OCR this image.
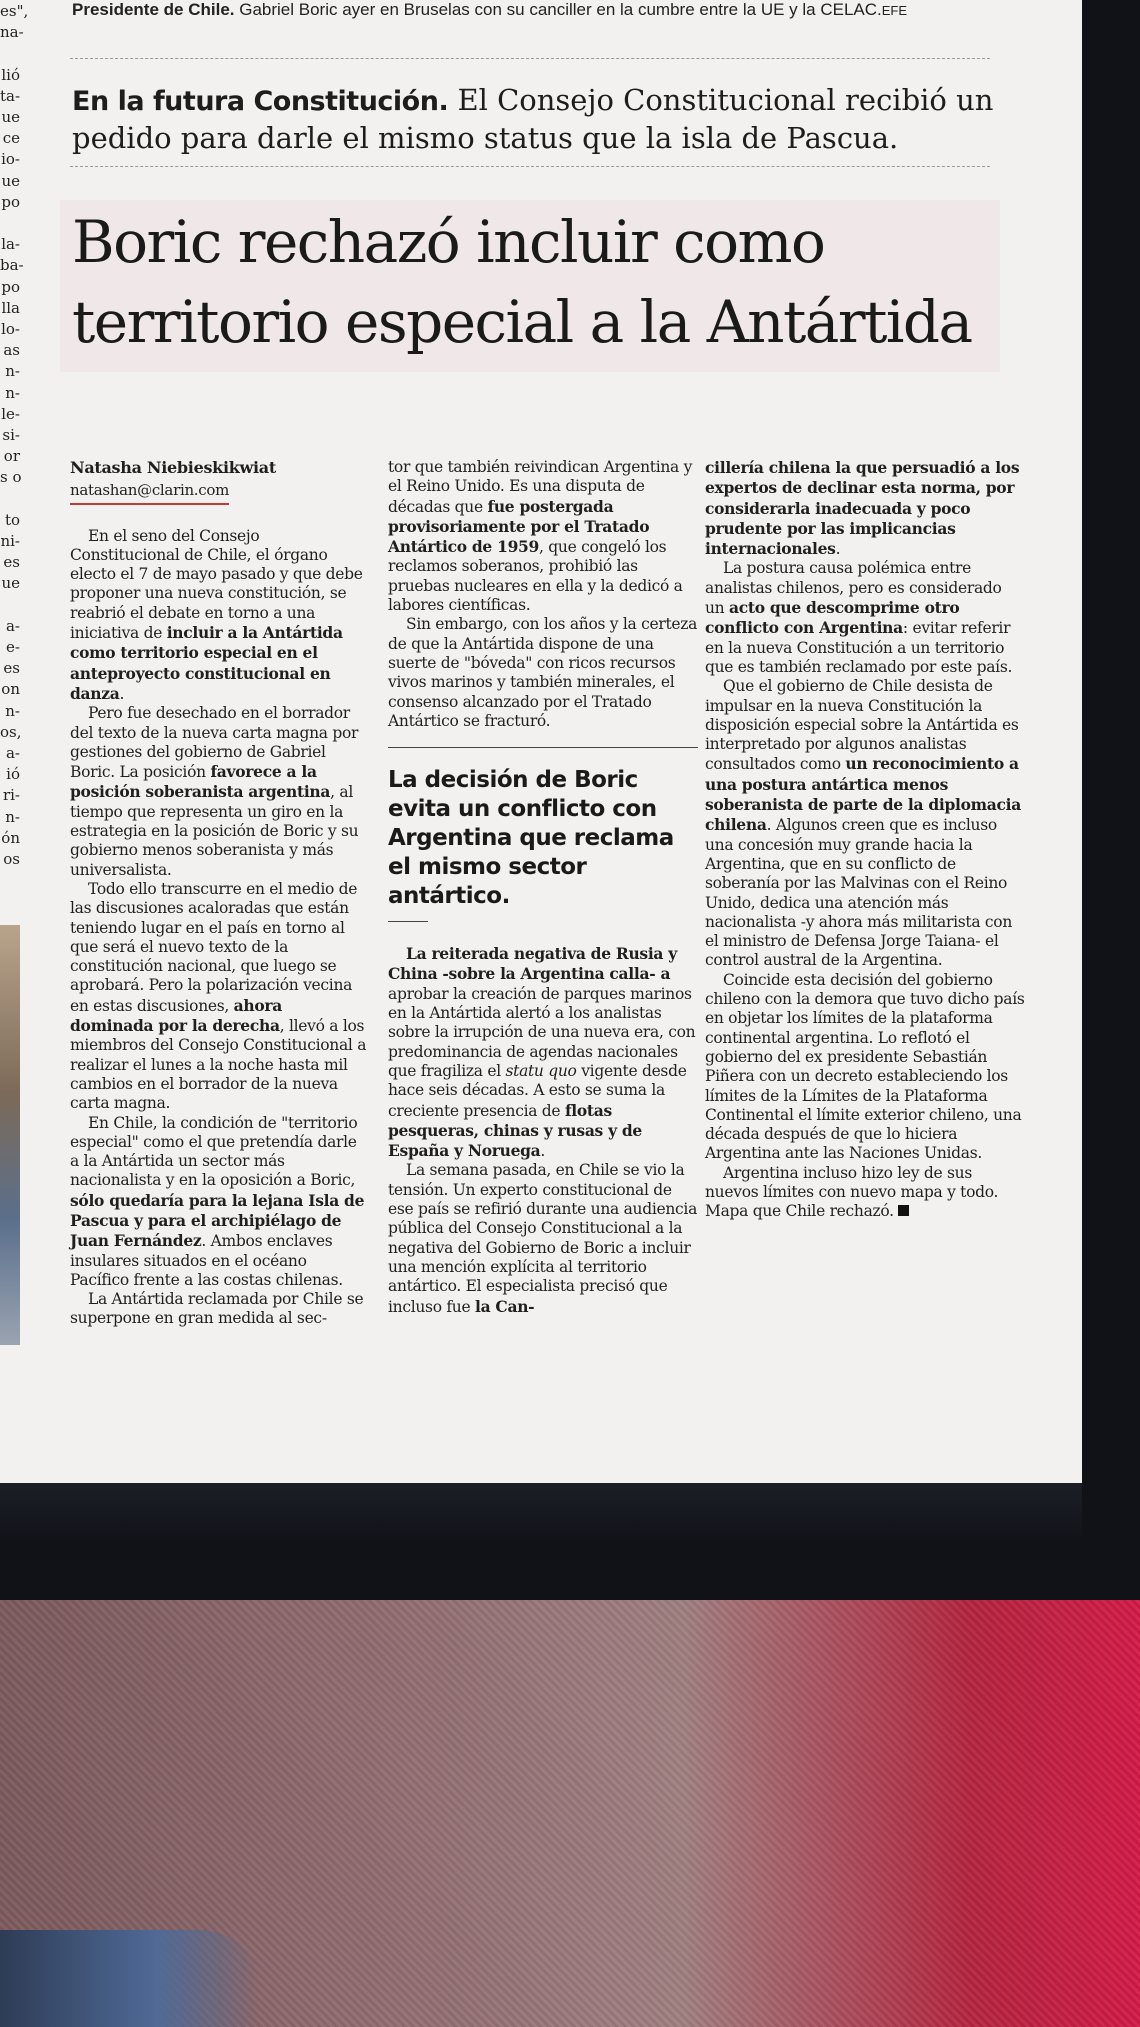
es",
na-
lió
ta-
ue
ce
io-
ue
po
la-
ba-
po
lla
lo-
as
n-
n-
le-
si-
or
s o
to
ni-
es
ue
a-
e-
es
on
n-
os,
a-
ió
ri-
n-
ón
os
Presidente de Chile. Gabriel Boric ayer en Bruselas con su canciller en la cumbre entre la UE y la CELAC.EFE
En la futura Constitución. El Consejo Constitucional recibió un pedido para darle el mismo status que la isla de Pascua.
Boric rechazó incluir como territorio especial a la Antártida
Natasha Niebieskikwiat
natashan@clarin.com

En el seno del Consejo Constitucional de Chile, el órgano electo el 7 de mayo pasado y que debe proponer una nueva constitución, se reabrió el debate en torno a una iniciativa de incluir a la Antártida como territorio especial en el anteproyecto constitucional en danza.

Pero fue desechado en el borrador del texto de la nueva carta magna por gestiones del gobierno de Gabriel Boric. La posición favorece a la posición soberanista argentina, al tiempo que representa un giro en la estrategia en la posición de Boric y su gobierno menos soberanista y más universalista.

Todo ello transcurre en el medio de las discusiones acaloradas que están teniendo lugar en el país en torno al que será el nuevo texto de la constitución nacional, que luego se aprobará. Pero la polarización vecina en estas discusiones, ahora dominada por la derecha, llevó a los miembros del Consejo Constitucional a realizar el lunes a la noche hasta mil cambios en el borrador de la nueva carta magna.

En Chile, la condición de "territorio especial" como el que pretendía darle a la Antártida un sector más nacionalista y en la oposición a Boric, sólo quedaría para la lejana Isla de Pascua y para el archipiélago de Juan Fernández. Ambos enclaves insulares situados en el océano Pacífico frente a las costas chilenas.

La Antártida reclamada por Chile se superpone en gran medida al sec-

tor que también reivindican Argentina y el Reino Unido. Es una disputa de décadas que fue postergada provisoriamente por el Tratado Antártico de 1959, que congeló los reclamos soberanos, prohibió las pruebas nucleares en ella y la dedicó a labores científicas.

Sin embargo, con los años y la certeza de que la Antártida dispone de una suerte de "bóveda" con ricos recursos vivos marinos y también minerales, el consenso alcanzado por el Tratado Antártico se fracturó.

La decisión de Boric evita un conflicto con Argentina que reclama el mismo sector antártico.

La reiterada negativa de Rusia y China -sobre la Argentina calla- a aprobar la creación de parques marinos en la Antártida alertó a los analistas sobre la irrupción de una nueva era, con predominancia de agendas nacionales que fragiliza el statu quo vigente desde hace seis décadas. A esto se suma la creciente presencia de flotas pesqueras, chinas y rusas y de España y Noruega.

La semana pasada, en Chile se vio la tensión. Un experto constitucional de ese país se refirió durante una audiencia pública del Consejo Constitucional a la negativa del Gobierno de Boric a incluir una mención explícita al territorio antártico. El especialista precisó que incluso fue la Can-

cillería chilena la que persuadió a los expertos de declinar esta norma, por considerarla inadecuada y poco prudente por las implicancias internacionales.

La postura causa polémica entre analistas chilenos, pero es considerado un acto que descomprime otro conflicto con Argentina: evitar referir en la nueva Constitución a un territorio que es también reclamado por este país.

Que el gobierno de Chile desista de impulsar en la nueva Constitución la disposición especial sobre la Antártida es interpretado por algunos analistas consultados como un reconocimiento a una postura antártica menos soberanista de parte de la diplomacia chilena. Algunos creen que es incluso una concesión muy grande hacia la Argentina, que en su conflicto de soberanía por las Malvinas con el Reino Unido, dedica una atención más nacionalista -y ahora más militarista con el ministro de Defensa Jorge Taiana- el control austral de la Argentina.

Coincide esta decisión del gobierno chileno con la demora que tuvo dicho país en objetar los límites de la plataforma continental argentina. Lo reflotó el gobierno del ex presidente Sebastián Piñera con un decreto estableciendo los límites de la Límites de la Plataforma Continental el límite exterior chileno, una década después de que lo hiciera Argentina ante las Naciones Unidas.

Argentina incluso hizo ley de sus nuevos límites con nuevo mapa y todo. Mapa que Chile rechazó.
